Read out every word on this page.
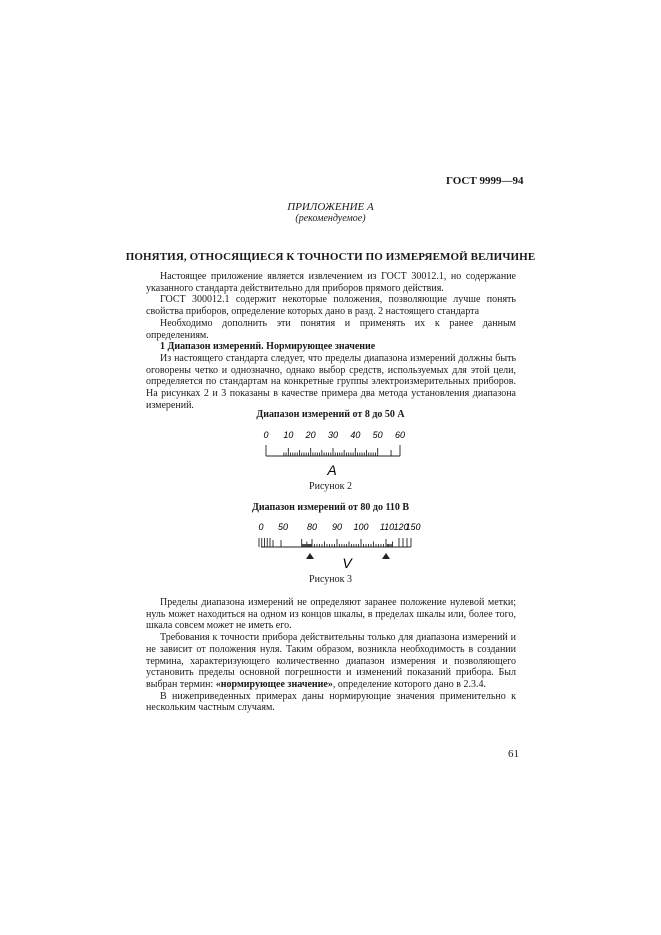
ГОСТ 9999—94
ПРИЛОЖЕНИЕ А
(рекомендуемое)
ПОНЯТИЯ, ОТНОСЯЩИЕСЯ К ТОЧНОСТИ ПО ИЗМЕРЯЕМОЙ ВЕЛИЧИНЕ
Настоящее приложение является извлечением из ГОСТ 30012.1, но содержание указанного стандарта действительно для приборов прямого действия.
ГОСТ 300012.1 содержит некоторые положения, позволяющие лучше понять свойства приборов, определение которых дано в разд. 2 настоящего стандарта
Необходимо дополнить эти понятия и применять их к ранее данным определениям.
1 Диапазон измерений. Нормирующее значение
Из настоящего стандарта следует, что пределы диапазона измерений должны быть оговорены четко и однозначно, однако выбор средств, используемых для этой цели, определяется по стандартам на конкретные группы электроизмерительных приборов. На рисунках 2 и 3 показаны в качестве примера два метода установления диапазона измерений.
Диапазон измерений от 8 до 50 А
0 10 20 30 40 50 60
A
Рисунок 2
Диапазон измерений от 80 до 110 В
0 50 80 90 100 110 120
150
V
Рисунок 3
Пределы диапазона измерений не определяют заранее положение нулевой метки; нуль может находиться на одном из концов шкалы, в пределах шкалы или, более того, шкала совсем может не иметь его.
Требования к точности прибора действительны только для диапазона измерений и не зависит от положения нуля. Таким образом, возникла необходимость в создании термина, характеризующего количественно диапазон измерения и позволяющего установить пределы основной погрешности и изменений показаний прибора. Был выбран термин: «нормирующее значение», определение которого дано в 2.3.4.
В нижеприведенных примерах даны нормирующие значения применительно к нескольким частным случаям.
61
